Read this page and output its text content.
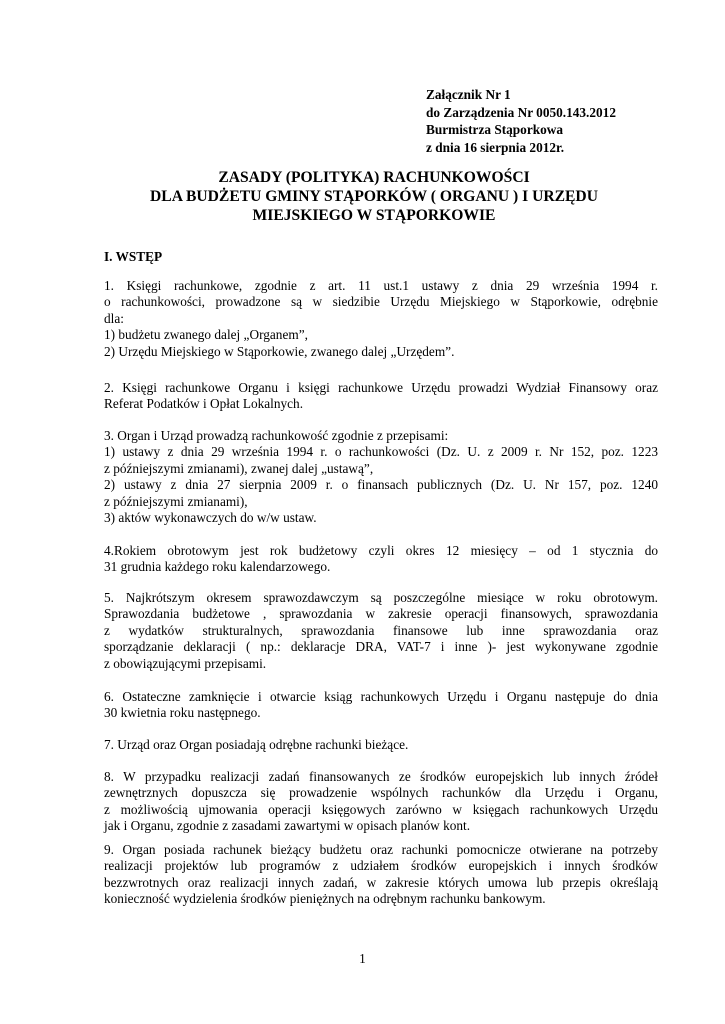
Załącznik Nr 1
do Zarządzenia Nr 0050.143.2012
Burmistrza Stąporkowa
z dnia 16 sierpnia 2012r.
ZASADY (POLITYKA) RACHUNKOWOŚCI
DLA BUDŻETU GMINY STĄPORKÓW ( ORGANU ) I URZĘDU
MIEJSKIEGO W STĄPORKOWIE
I. WSTĘP
1. Księgi rachunkowe, zgodnie z art. 11 ust.1 ustawy z dnia 29 września 1994 r.
o rachunkowości, prowadzone są w siedzibie Urzędu Miejskiego w Stąporkowie, odrębnie
dla:
1) budżetu zwanego dalej „Organem”,
2) Urzędu Miejskiego w Stąporkowie, zwanego dalej „Urzędem”.
2. Księgi rachunkowe Organu i księgi rachunkowe Urzędu prowadzi Wydział Finansowy oraz
Referat Podatków i Opłat Lokalnych.
3. Organ i Urząd prowadzą rachunkowość zgodnie z przepisami:
1) ustawy z dnia 29 września 1994 r. o rachunkowości (Dz. U. z 2009 r. Nr 152, poz. 1223
z późniejszymi zmianami), zwanej dalej „ustawą”,
2) ustawy z dnia 27 sierpnia 2009 r. o finansach publicznych (Dz. U. Nr 157, poz. 1240
z późniejszymi zmianami),
3) aktów wykonawczych do w/w ustaw.
4.Rokiem obrotowym jest rok budżetowy czyli okres 12 miesięcy – od 1 stycznia do
31 grudnia każdego roku kalendarzowego.
5. Najkrótszym okresem sprawozdawczym są poszczególne miesiące w roku obrotowym.
Sprawozdania budżetowe , sprawozdania w zakresie operacji finansowych, sprawozdania
z wydatków strukturalnych, sprawozdania finansowe lub inne sprawozdania oraz
sporządzanie deklaracji ( np.: deklaracje DRA, VAT-7 i inne )- jest wykonywane zgodnie
z obowiązującymi przepisami.
6. Ostateczne zamknięcie i otwarcie ksiąg rachunkowych Urzędu i Organu następuje do dnia
30 kwietnia roku następnego.
7. Urząd oraz Organ posiadają odrębne rachunki bieżące.
8. W przypadku realizacji zadań finansowanych ze środków europejskich lub innych źródeł
zewnętrznych dopuszcza się prowadzenie wspólnych rachunków dla Urzędu i Organu,
z możliwością ujmowania operacji księgowych zarówno w księgach rachunkowych Urzędu
jak i Organu, zgodnie z zasadami zawartymi w opisach planów kont.
9. Organ posiada rachunek bieżący budżetu oraz rachunki pomocnicze otwierane na potrzeby
realizacji projektów lub programów z udziałem środków europejskich i innych środków
bezzwrotnych oraz realizacji innych zadań, w zakresie których umowa lub przepis określają
konieczność wydzielenia środków pieniężnych na odrębnym rachunku bankowym.
1
